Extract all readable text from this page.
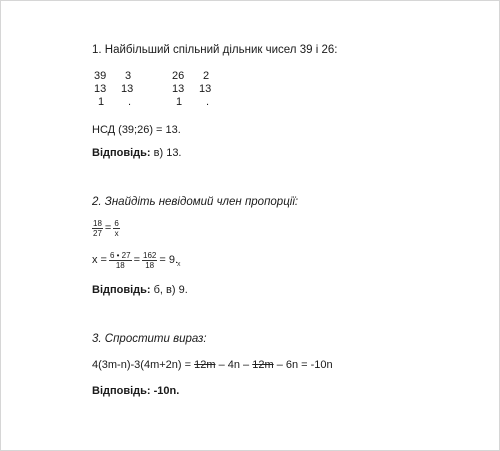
1. Найбільший спільний дільник чисел 39 і 26:
39
13
1
3
13
.
26
13
1
2
13
.
НСД (39;26) = 13.
Відповідь: в) 13.
2. Знайдіть невідомий член пропорції:
$\frac{18}{27} = \frac{6}{x}$
$x = \frac{6 • 27}{18} = \frac{162}{18} = 9$. x
Відповідь: б, в) 9.
3. Спростити вираз:
4(3m-n)-3(4m+2n) = 12m – 4n – 12m – 6n = -10n
Відповідь: -10n.
